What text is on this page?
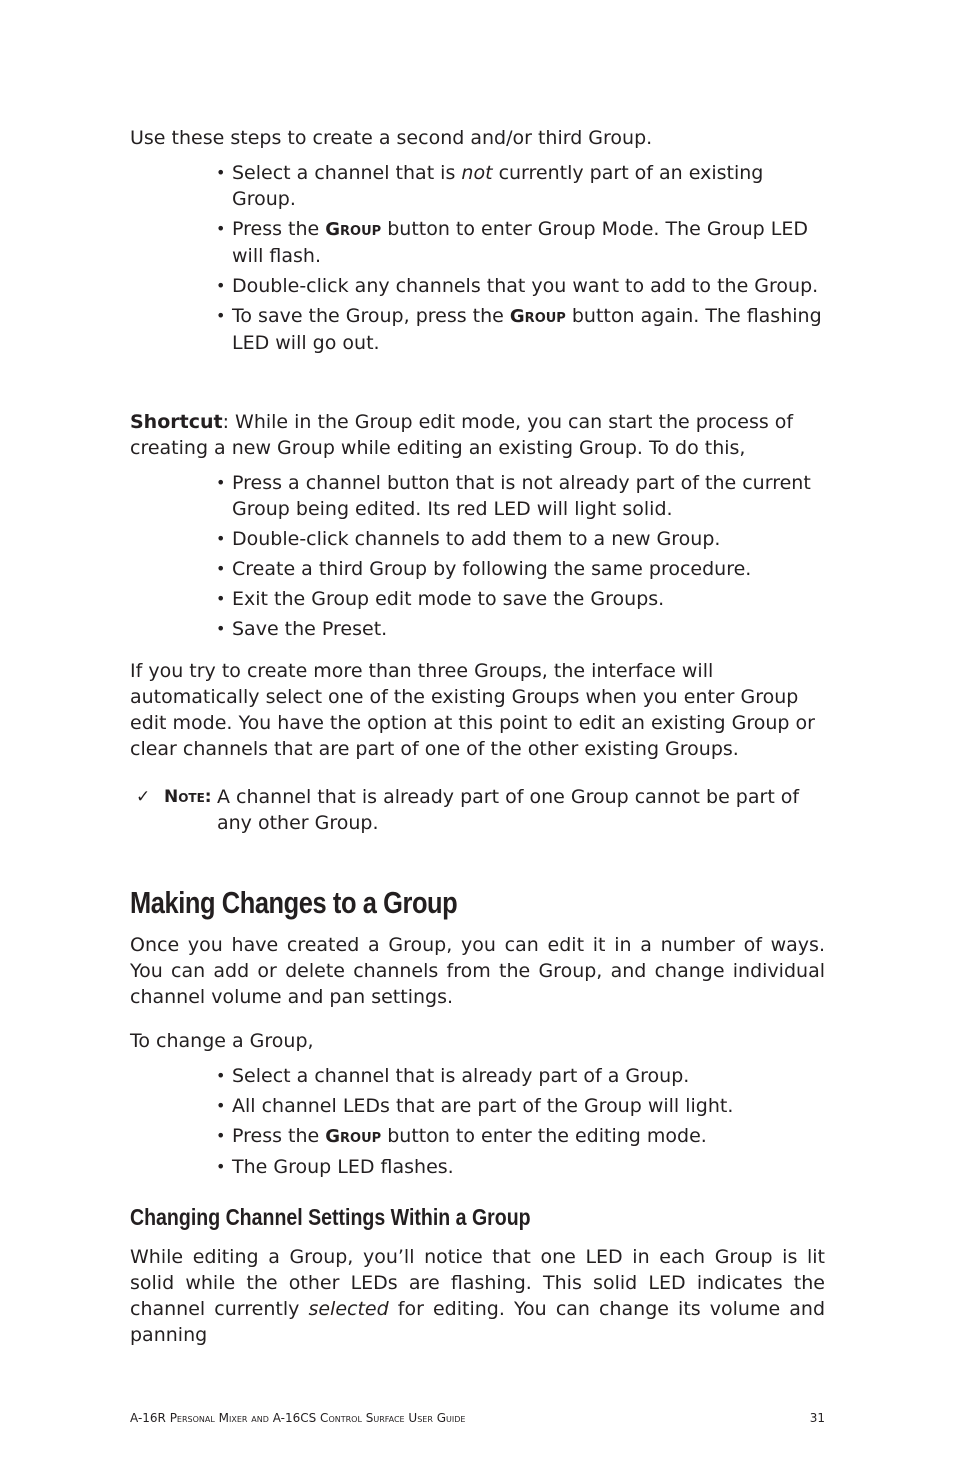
Use these steps to create a second and/or third Group.

• Select a channel that is not currently part of an existing Group.
• Press the Group button to enter Group Mode. The Group LED will flash.
• Double-click any channels that you want to add to the Group.
• To save the Group, press the Group button again. The flashing LED will go out.

Shortcut: While in the Group edit mode, you can start the process of creating a new Group while editing an existing Group. To do this,

• Press a channel button that is not already part of the current Group being edited. Its red LED will light solid.
• Double-click channels to add them to a new Group.
• Create a third Group by following the same procedure.
• Exit the Group edit mode to save the Groups.
• Save the Preset.

If you try to create more than three Groups, the interface will automatically select one of the existing Groups when you enter Group edit mode. You have the option at this point to edit an existing Group or clear channels that are part of one of the other existing Groups.

✓ Note: A channel that is already part of one Group cannot be part of any other Group.
Making Changes to a Group

Once you have created a Group, you can edit it in a number of ways. You can add or delete channels from the Group, and change individual channel volume and pan settings.

To change a Group,

• Select a channel that is already part of a Group.
• All channel LEDs that are part of the Group will light.
• Press the Group button to enter the editing mode.
• The Group LED flashes.
Changing Channel Settings Within a Group

While editing a Group, you’ll notice that one LED in each Group is lit solid while the other LEDs are flashing. This solid LED indicates the channel currently selected for editing. You can change its volume and panning

A-16R Personal Mixer and A-16CS Control Surface User Guide	31
